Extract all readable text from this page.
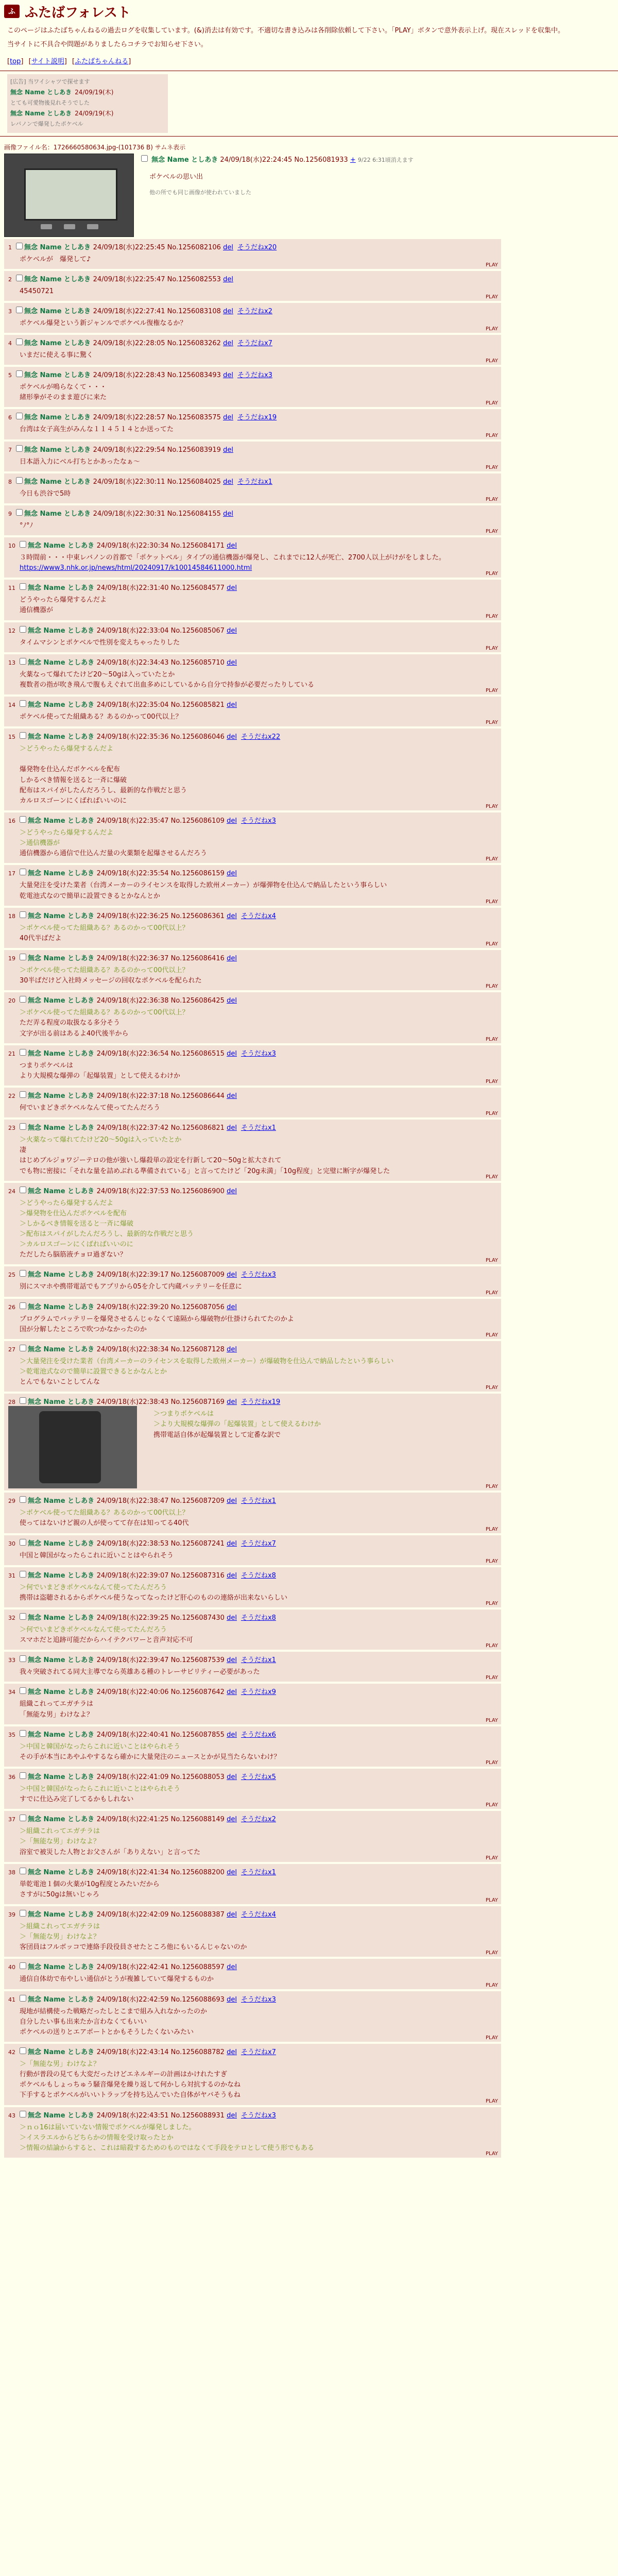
ふ ふたばフォレスト

このページはふたばちゃんねるの過去ログを収集しています。(&)消去は有効です。不適切な書き込みは各削除依頼して下さい。「PLAY」ボタンで意外表示上げ。現在スレッドを収集中。

当サイトに不具合や問題がありましたらコチラでお知らせ下さい。

[top] [サイト説明] [ふたばちゃんねる]
[広告] 当ワイシャツで探せます
無念 Name としあき 24/09/19(木)
とても可愛物後見れそうでした
無念 Name としあき 24/09/19(木)
レバノンで爆発したポケベル
画像ファイル名：1726660580634.jpg-(101736 B) サムネ表示
無念 Name としあき 24/09/18(水)22:24:45 No.1256081933 + 9/22 6:31頃消えます
ポケベルの思い出
他の所でも同じ画像が使われていました
1 無念 Name としあき 24/09/18(水)22:25:45 No.1256082106 del そうだねx20
ポケベルが　爆発して♪
PLAY
2 無念 Name としあき 24/09/18(水)22:25:47 No.1256082553 del
45450721
PLAY
3 無念 Name としあき 24/09/18(水)22:27:41 No.1256083108 del そうだねx2
ポケベル爆発という新ジャンルでポケベル復権なるか？
PLAY
4 無念 Name としあき 24/09/18(水)22:28:05 No.1256083262 del そうだねx7
いまだに使える事に驚く
PLAY
5 無念 Name としあき 24/09/18(水)22:28:43 No.1256083493 del そうだねx3
ポケベルが鳴らなくて・・・
緒形拳がそのまま遊びに来た
PLAY
6 無念 Name としあき 24/09/18(水)22:28:57 No.1256083575 del そうだねx19
台湾は女子高生がみんな１１４５１４とか送ってた
PLAY
7 無念 Name としあき 24/09/18(水)22:29:54 No.1256083919 del
日本語入力にベル打ちとかあったなぁ～
PLAY
8 無念 Name としあき 24/09/18(水)22:30:11 No.1256084025 del そうだねx1
今日も渋谷で5時
PLAY
9 無念 Name としあき 24/09/18(水)22:30:31 No.1256084155 del
°ﾉ°ﾉ
PLAY
10 無念 Name としあき 24/09/18(水)22:30:34 No.1256084171 del
３時間前・・・中東レバノンの首都で「ポケットベル」タイプの通信機器が爆発し、これまでに12人が死亡、2700人以上がけがをしました。
https://www3.nhk.or.jp/news/html/20240917/k10014584611000.html
PLAY
11 無念 Name としあき 24/09/18(水)22:31:40 No.1256084577 del
どうやったら爆発するんだよ
通信機器が
PLAY
12 無念 Name としあき 24/09/18(水)22:33:04 No.1256085067 del
タイムマシンとポケベルで性別を変えちゃったりした
PLAY
13 無念 Name としあき 24/09/18(水)22:34:43 No.1256085710 del
火薬なって爆れてたけど20～50gは入っていたとか
複数者の指が吹き飛んで腹もえぐれて出血多めにしているから自分で持参が必要だったりしている
PLAY
14 無念 Name としあき 24/09/18(水)22:35:04 No.1256085821 del
ポケベル使ってた組織ある？あるのかって00代以上？
PLAY
15 無念 Name としあき 24/09/18(水)22:35:36 No.1256086046 del そうだねx22
＞どうやったら爆発するんだよ

爆発物を仕込んだポケベルを配布
しかるべき情報を送ると一斉に爆破
配布はスパイがしたんだろうし、最新的な作戦だと思う
カルロスゴーンにくばればいいのに
PLAY
16 無念 Name としあき 24/09/18(水)22:35:47 No.1256086109 del そうだねx3
＞どうやったら爆発するんだよ
＞通信機器が
通信機器から通信で仕込んだ量の火薬類を起爆させるんだろう
PLAY
17 無念 Name としあき 24/09/18(水)22:35:54 No.1256086159 del
大量発注を受けた業者（台湾メーカーのライセンスを取得した欧州メーカー）が爆弾物を仕込んで納品したという事らしい
乾電池式なので簡単に設置できるとかなんとか
PLAY
18 無念 Name としあき 24/09/18(水)22:36:25 No.1256086361 del そうだねx4
＞ポケベル使ってた組織ある？あるのかって00代以上？
40代半ばだよ
PLAY
19 無念 Name としあき 24/09/18(水)22:36:37 No.1256086416 del
＞ポケベル使ってた組織ある？あるのかって00代以上？
30半ばだけど入社時メッセージの回収なポケベルを配られた
PLAY
20 無念 Name としあき 24/09/18(水)22:36:38 No.1256086425 del
＞ポケベル使ってた組織ある？あるのかって00代以上？
ただ弄る程度の取扱なる多分そう
文字が出る前はあるよ40代後半から
PLAY
21 無念 Name としあき 24/09/18(水)22:36:54 No.1256086515 del そうだねx3
つまりポケベルは
より大規模な爆弾の「起爆装置」として使えるわけか
PLAY
22 無念 Name としあき 24/09/18(水)22:37:18 No.1256086644 del
何でいまどきポケベルなんて使ってたんだろう
PLAY
23 無念 Name としあき 24/09/18(水)22:37:42 No.1256086821 del そうだねx1
＞火薬なって爆れてたけど20～50gは入っていたとか
凄
はじめブルジョワジーテロの他が強いし爆殺単の設定を行新して20～50gと拡大されて
でも物に密接に「それな量を詰めぶれる準備されている」と言ってたけど「20g未満」「10g程度」と完璧に断字が爆発した
PLAY
24 無念 Name としあき 24/09/18(水)22:37:53 No.1256086900 del
＞どうやったら爆発するんだよ
＞爆発物を仕込んだポケベルを配布
＞しかるべき情報を送ると一斉に爆破
＞配布はスパイがしたんだろうし、最新的な作戦だと思う
＞カルロスゴーンにくばればいいのに
ただしたら脳筋液チョロ過ぎない？
PLAY
25 無念 Name としあき 24/09/18(水)22:39:17 No.1256087009 del そうだねx3
別にスマホや携帯電話でもアプリから05を介して内蔵バッテリーを任意に
PLAY
26 無念 Name としあき 24/09/18(水)22:39:20 No.1256087056 del
プログラムでバッテリーを爆発させるんじゃなくて遠隔から爆破物が仕掛けられてたのかよ
国が分解したところで吹つかなかったのか
PLAY
27 無念 Name としあき 24/09/18(水)22:38:34 No.1256087128 del
＞大量発注を受けた業者（台湾メーカーのライセンスを取得した欧州メーカー）が爆破物を仕込んで納品したという事らしい
＞乾電池式なので簡単に設置できるとかなんとか
とんでもないことしてんな
PLAY
28 無念 Name としあき 24/09/18(水)22:38:43 No.1256087169 del そうだねx19
＞つまりポケベルは
＞より大規模な爆弾の「起爆装置」として使えるわけか
携帯電話自体が起爆装置として定番な訳で
PLAY
29 無念 Name としあき 24/09/18(水)22:38:47 No.1256087209 del そうだねx1
＞ポケベル使ってた組織ある？あるのかって00代以上？
使ってはないけど親の人が使ってて存在は知ってる40代
PLAY
30 無念 Name としあき 24/09/18(水)22:38:53 No.1256087241 del そうだねx7
中国と韓国がなったらこれに近いことはやられそう
PLAY
31 無念 Name としあき 24/09/18(水)22:39:07 No.1256087316 del そうだねx8
＞何でいまどきポケベルなんて使ってたんだろう
携帯は盗聴されるからポケベル使うなってなったけど肝心のものの連絡が出来ないらしい
PLAY
32 無念 Name としあき 24/09/18(水)22:39:25 No.1256087430 del そうだねx8
＞何でいまどきポケベルなんて使ってたんだろう
スマホだと追跡可能だからハイテクパワーと音声対応不可
PLAY
33 無念 Name としあき 24/09/18(水)22:39:47 No.1256087539 del そうだねx1
我々突破されてる同大主導でなら英雄ある種のトレーサビリティー必要があった
PLAY
34 無念 Name としあき 24/09/18(水)22:40:06 No.1256087642 del そうだねx9
組織これってエガチラは
「無能な男」わけなよ？
PLAY
35 無念 Name としあき 24/09/18(水)22:40:41 No.1256087855 del そうだねx6
＞中国と韓国がなったらこれに近いことはやられそう
その手が本当にあやふやするなら確かに大量発注のニュースとかが見当たらないわけ？
PLAY
36 無念 Name としあき 24/09/18(水)22:41:09 No.1256088053 del そうだねx5
＞中国と韓国がなったらこれに近いことはやられそう
すでに仕込み完了してるかもしれない
PLAY
37 無念 Name としあき 24/09/18(水)22:41:25 No.1256088149 del そうだねx2
＞組織これってエガチラは
＞「無能な男」わけなよ？
浴室で被災した人物とお父さんが「ありえない」と言ってた
PLAY
38 無念 Name としあき 24/09/18(水)22:41:34 No.1256088200 del そうだねx1
単乾電池１個の火薬が10g程度とみたいだから
さすがに50gは無いじゃろ
PLAY
39 無念 Name としあき 24/09/18(水)22:42:09 No.1256088387 del そうだねx4
＞組織これってエガチラは
＞「無能な男」わけなよ？
客団員はフルボッコで連絡手段役員させたところ他にもいるんじゃないのか
PLAY
40 無念 Name としあき 24/09/18(水)22:42:41 No.1256088597 del
通信自体幼で布やしい通信がとうが複雑していて爆発するものか
PLAY
41 無念 Name としあき 24/09/18(水)22:42:59 No.1256088693 del そうだねx3
現地が結構使った戦略だったしとこまで組み入れなかったのか
自分したい事も出来たか言わなくてもいい
ポケベルの送りとエアポートとかもそうしたくないみたい
PLAY
42 無念 Name としあき 24/09/18(水)22:43:14 No.1256088782 del そうだねx7
＞「無能な男」わけなよ？
行動が普段の見ても大変だったけどエネルギーの計画はかけれたすぎ
ポケベルもしょっちゅう騒音爆発を繰り返して何かしら対抗するのかなね
下手するとポケベルがいいトラップを持ち込んでいた自体がヤバそうもね
PLAY
43 無念 Name としあき 24/09/18(水)22:43:51 No.1256088931 del そうだねx3
＞ｎｏ16は届いていない情報でポケベルが爆発しました。
＞イスラエルからどちらかの情報を受け取ったとか
＞情報の結論からすると、これは暗殺するためのものではなくて手段をテロとして使う形でもある
PLAY
